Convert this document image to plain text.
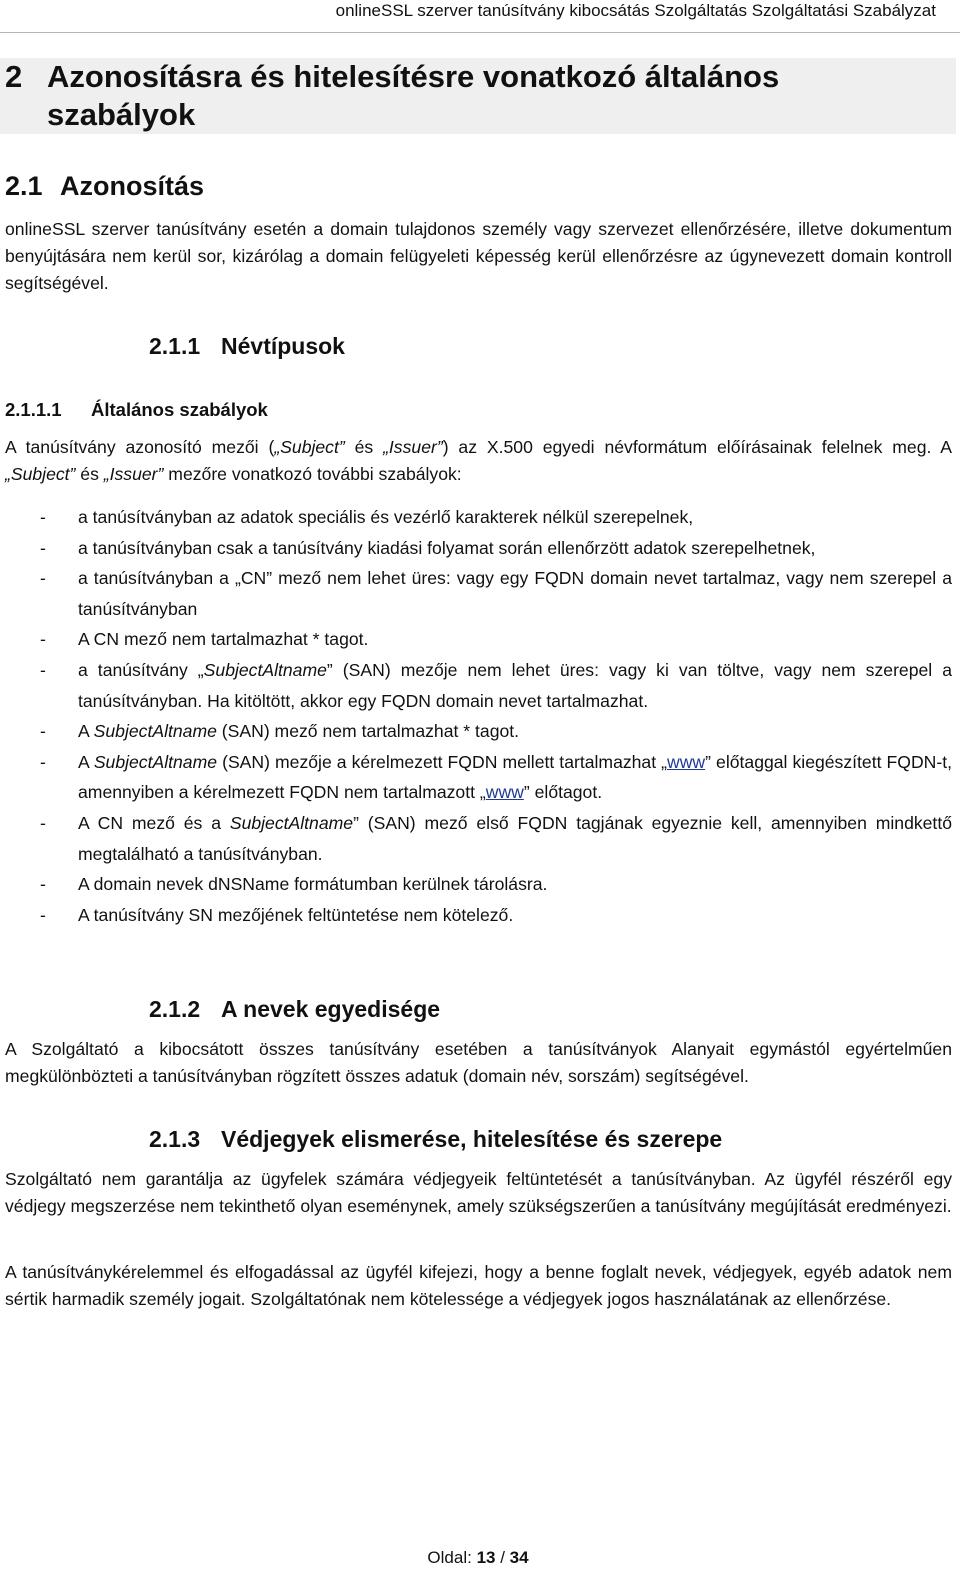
onlineSSL szerver tanúsítvány kibocsátás Szolgáltatás Szolgáltatási Szabályzat
2 Azonosításra és hitelesítésre vonatkozó általános szabályok
2.1 Azonosítás
onlineSSL szerver tanúsítvány esetén a domain tulajdonos személy vagy szervezet ellenőrzésére, illetve dokumentum benyújtására nem kerül sor, kizárólag a domain felügyeleti képesség kerül ellenőrzésre az úgynevezett domain kontroll segítségével.
2.1.1 Névtípusok
2.1.1.1 Általános szabályok
A tanúsítvány azonosító mezői („Subject” és „Issuer”) az X.500 egyedi névformátum előírásainak felelnek meg. A „Subject” és „Issuer” mezőre vonatkozó további szabályok:
- a tanúsítványban az adatok speciális és vezérlő karakterek nélkül szerepelnek,
- a tanúsítványban csak a tanúsítvány kiadási folyamat során ellenőrzött adatok szerepelhetnek,
- a tanúsítványban a „CN” mező nem lehet üres: vagy egy FQDN domain nevet tartalmaz, vagy nem szerepel a tanúsítványban
- A CN mező nem tartalmazhat * tagot.
- a tanúsítvány „SubjectAltname” (SAN) mezője nem lehet üres: vagy ki van töltve, vagy nem szerepel a tanúsítványban. Ha kitöltött, akkor egy FQDN domain nevet tartalmazhat.
- A SubjectAltname (SAN) mező nem tartalmazhat * tagot.
- A SubjectAltname (SAN) mezője a kérelmezett FQDN mellett tartalmazhat „www” előtaggal kiegészített FQDN-t, amennyiben a kérelmezett FQDN nem tartalmazott „www” előtagot.
- A CN mező és a SubjectAltname” (SAN) mező első FQDN tagjának egyeznie kell, amennyiben mindkettő megtalálható a tanúsítványban.
- A domain nevek dNSName formátumban kerülnek tárolásra.
- A tanúsítvány SN mezőjének feltüntetése nem kötelező.
2.1.2 A nevek egyedisége
A Szolgáltató a kibocsátott összes tanúsítvány esetében a tanúsítványok Alanyait egymástól egyértelműen megkülönbözteti a tanúsítványban rögzített összes adatuk (domain név, sorszám) segítségével.
2.1.3 Védjegyek elismerése, hitelesítése és szerepe
Szolgáltató nem garantálja az ügyfelek számára védjegyeik feltüntetését a tanúsítványban. Az ügyfél részéről egy védjegy megszerzése nem tekinthető olyan eseménynek, amely szükségszerűen a tanúsítvány megújítását eredményezi.
A tanúsítványkérelemmel és elfogadással az ügyfél kifejezi, hogy a benne foglalt nevek, védjegyek, egyéb adatok nem sértik harmadik személy jogait. Szolgáltatónak nem kötelessége a védjegyek jogos használatának az ellenőrzése.
Oldal: 13 / 34
